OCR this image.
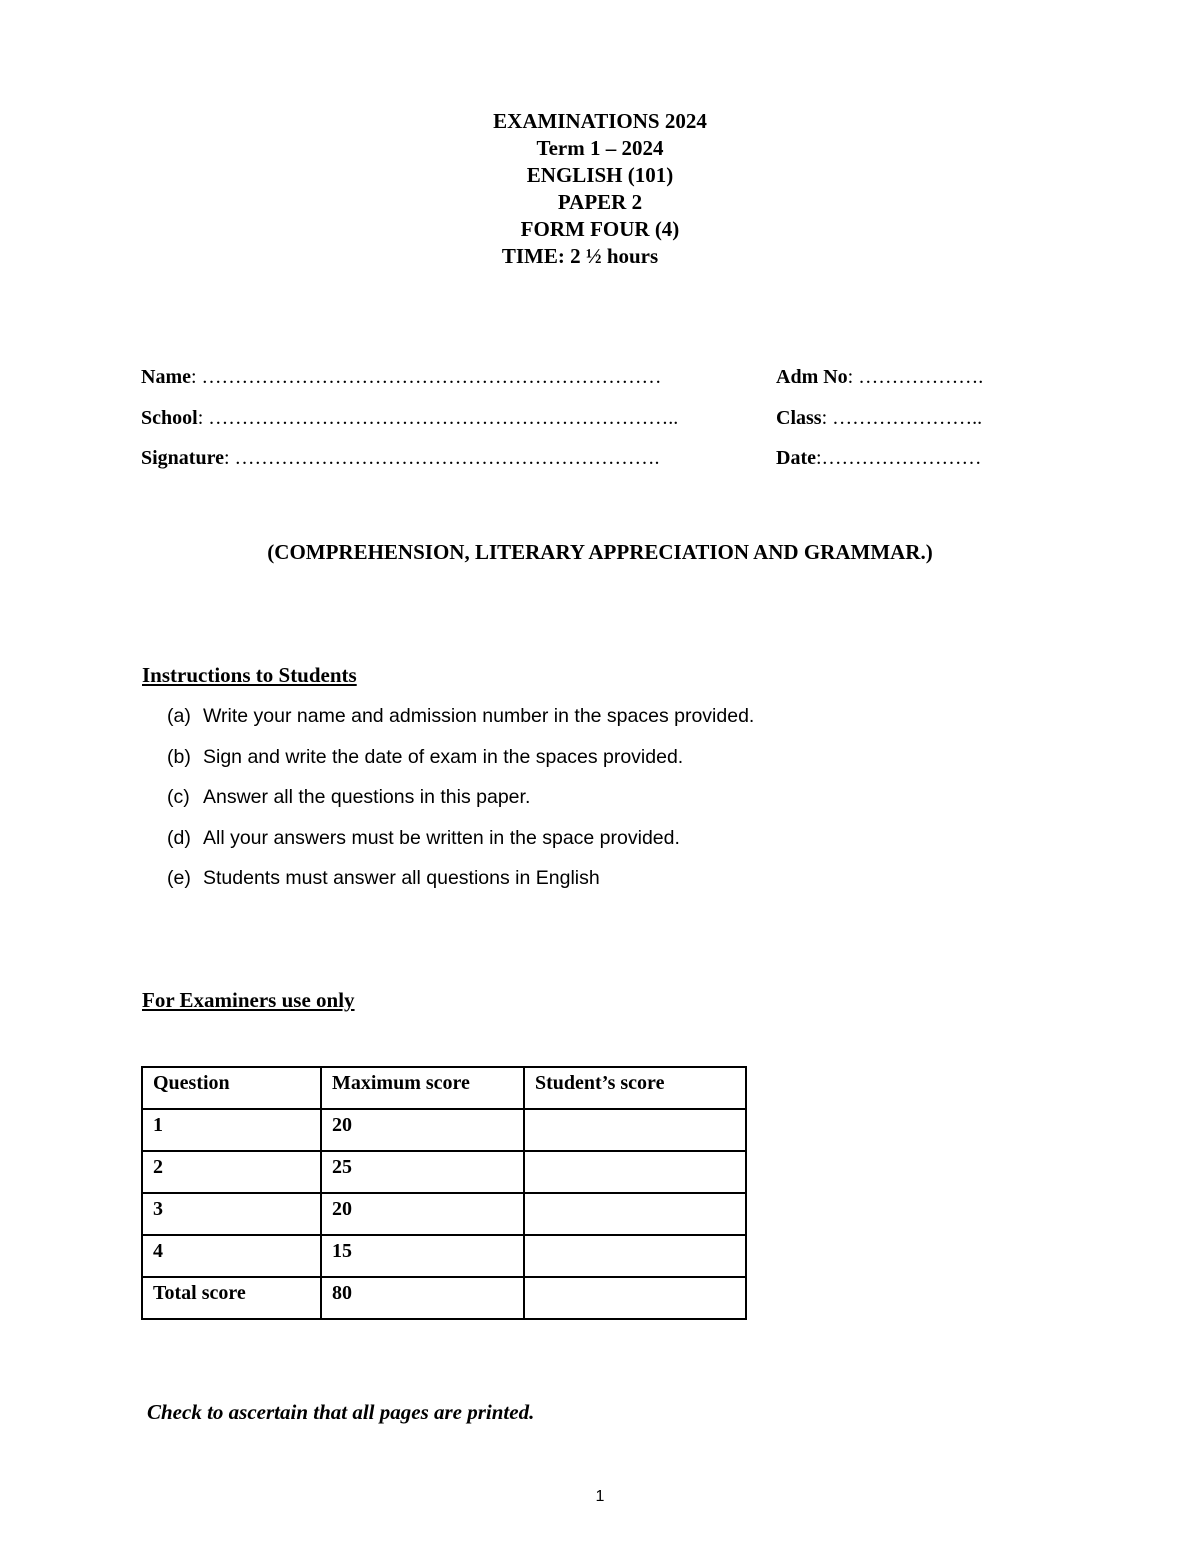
EXAMINATIONS 2024
Term 1 – 2024
ENGLISH (101)
PAPER 2
FORM FOUR (4)
TIME: 2 ½ hours
Name: ……………………………………………………………	Adm No: ……………….
School: ……………………………………………………………..	Class: …………………..
Signature: ……………………………………………………….	Date:……………………
(COMPREHENSION, LITERARY APPRECIATION AND GRAMMAR.)
Instructions to Students
(a) Write your name and admission number in the spaces provided.
(b) Sign and write the date of exam in the spaces provided.
(c) Answer all the questions in this paper.
(d) All your answers must be written in the space provided.
(e) Students must answer all questions in English
For Examiners use only
Question	Maximum score	Student’s score
1	20	
2	25	
3	20	
4	15	
Total score	80	
Check to ascertain that all pages are printed.
1
